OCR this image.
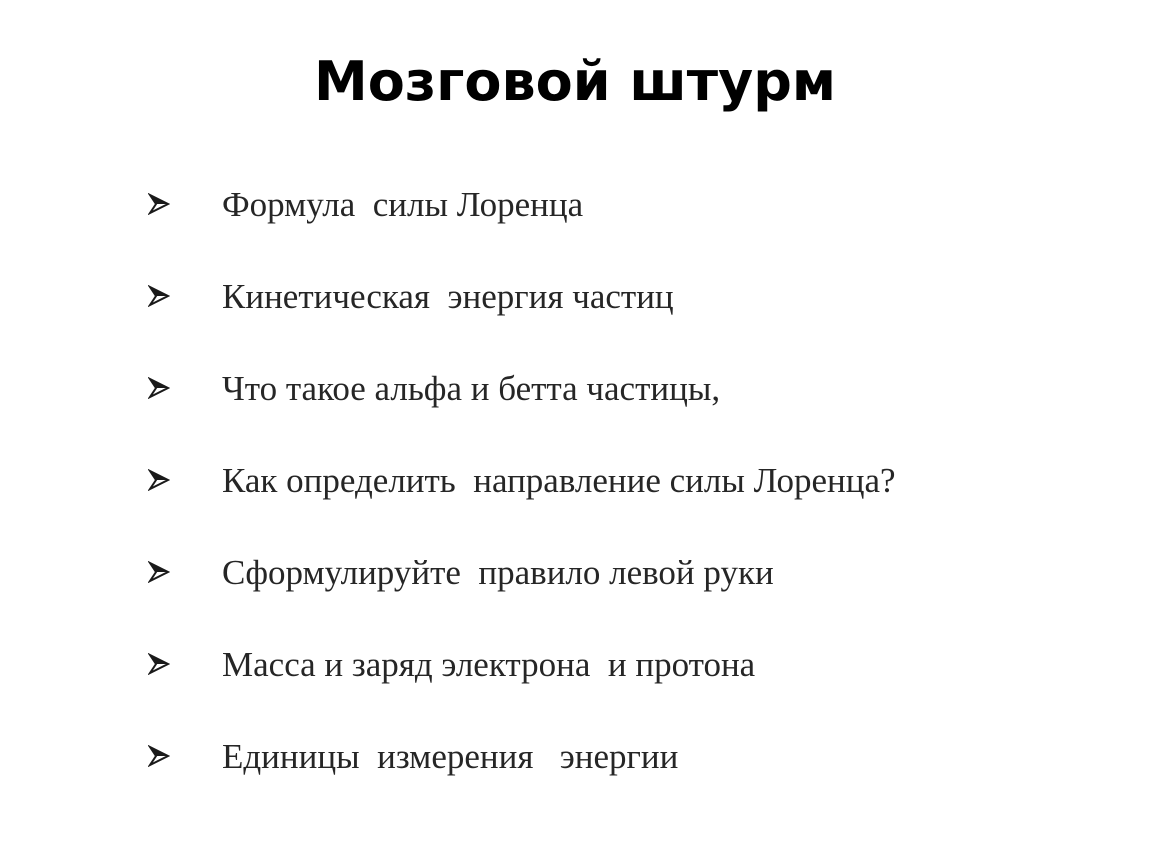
Мозговой штурм
Формула  силы Лоренца
Кинетическая  энергия частиц
Что такое альфа и бетта частицы,
Как определить  направление силы Лоренца?
Сформулируйте  правило левой руки
Масса и заряд электрона  и протона
Единицы  измерения   энергии
